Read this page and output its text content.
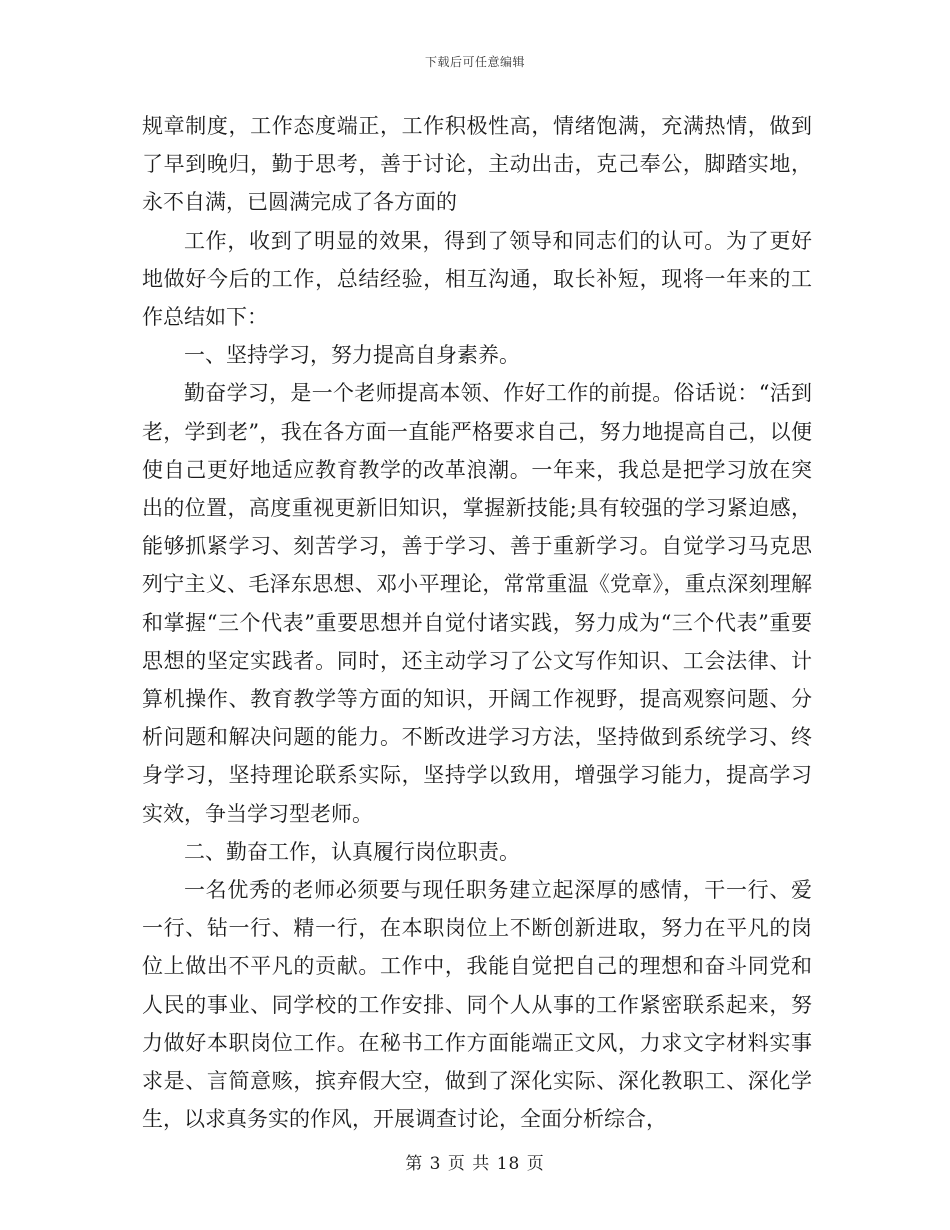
下载后可任意编辑

规章制度，工作态度端正，工作积极性高，情绪饱满，充满热情，做到了早到晚归，勤于思考，善于讨论，主动出击，克己奉公，脚踏实地，永不自满，已圆满完成了各方面的

工作，收到了明显的效果，得到了领导和同志们的认可。为了更好地做好今后的工作，总结经验，相互沟通，取长补短，现将一年来的工作总结如下：

一、坚持学习，努力提高自身素养。

勤奋学习，是一个老师提高本领、作好工作的前提。俗话说：“活到老，学到老”，我在各方面一直能严格要求自己，努力地提高自己，以便使自己更好地适应教育教学的改革浪潮。一年来，我总是把学习放在突出的位置，高度重视更新旧知识，掌握新技能;具有较强的学习紧迫感，能够抓紧学习、刻苦学习，善于学习、善于重新学习。自觉学习马克思列宁主义、毛泽东思想、邓小平理论，常常重温《党章》，重点深刻理解和掌握“三个代表”重要思想并自觉付诸实践，努力成为“三个代表”重要思想的坚定实践者。同时，还主动学习了公文写作知识、工会法律、计算机操作、教育教学等方面的知识，开阔工作视野，提高观察问题、分析问题和解决问题的能力。不断改进学习方法，坚持做到系统学习、终身学习，坚持理论联系实际，坚持学以致用，增强学习能力，提高学习实效，争当学习型老师。

二、勤奋工作，认真履行岗位职责。

一名优秀的老师必须要与现任职务建立起深厚的感情，干一行、爱一行、钻一行、精一行，在本职岗位上不断创新进取，努力在平凡的岗位上做出不平凡的贡献。工作中，我能自觉把自己的理想和奋斗同党和人民的事业、同学校的工作安排、同个人从事的工作紧密联系起来，努力做好本职岗位工作。在秘书工作方面能端正文风，力求文字材料实事求是、言简意赅，摈弃假大空，做到了深化实际、深化教职工、深化学生，以求真务实的作风，开展调查讨论，全面分析综合，

第 3 页 共 18 页
